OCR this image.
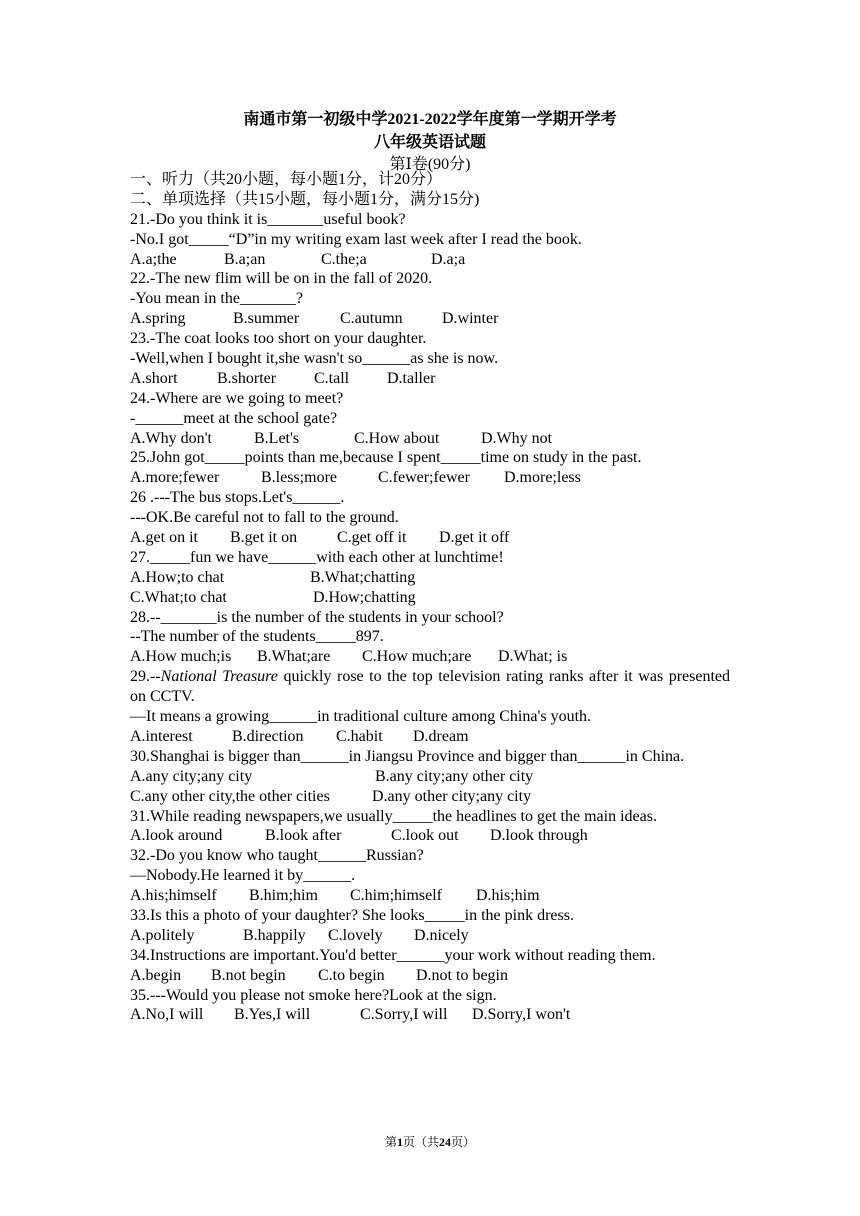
南通市第一初级中学2021-2022学年度第一学期开学考
八年级英语试题
第Ⅰ卷(90分)
一、听力（共20小题，每小题1分，计20分）
二、单项选择（共15小题，每小题1分，满分15分)
21.-Do you think it is_______useful book?
-No.I got_____“D”in my writing exam last week after I read the book.
A.a;the	B.a;an	C.the;a	D.a;a
22.-The new flim will be on in the fall of 2020.
-You mean in the_______?
A.spring	B.summer	C.autumn	D.winter
23.-The coat looks too short on your daughter.
-Well,when I bought it,she wasn't so______as she is now.
A.short	B.shorter	C.tall	D.taller
24.-Where are we going to meet?
-______meet at the school gate?
A.Why don't	B.Let's	C.How about	D.Why not
25.John got_____points than me,because I spent_____time on study in the past.
A.more;fewer	B.less;more	C.fewer;fewer	D.more;less
26 .---The bus stops.Let's______.
---OK.Be careful not to fall to the ground.
A.get on it	B.get it on	C.get off it	D.get it off
27._____fun we have______with each other at lunchtime!
A.How;to chat	B.What;chatting
C.What;to chat	D.How;chatting
28.--_______is the number of the students in your school?
--The number of the students_____897.
A.How much;is	B.What;are	C.How much;are	D.What; is
29.--National Treasure quickly rose to the top television rating ranks after it was presented on CCTV.
—It means a growing______in traditional culture among China's youth.
A.interest	B.direction	C.habit	D.dream
30.Shanghai is bigger than______in Jiangsu Province and bigger than______in China.
A.any city;any city	B.any city;any other city
C.any other city,the other cities	D.any other city;any city
31.While reading newspapers,we usually_____the headlines to get the main ideas.
A.look around	B.look after	C.look out	D.look through
32.-Do you know who taught______Russian?
—Nobody.He learned it by______.
A.his;himself	B.him;him	C.him;himself	D.his;him
33.Is this a photo of your daughter? She looks_____in the pink dress.
A.politely	B.happily	C.lovely	D.nicely
34.Instructions are important.You'd better______your work without reading them.
A.begin	B.not begin	C.to begin	D.not to begin
35.---Would you please not smoke here?Look at the sign.
A.No,I will	B.Yes,I will	C.Sorry,I will	D.Sorry,I won't
第1页（共24页）
